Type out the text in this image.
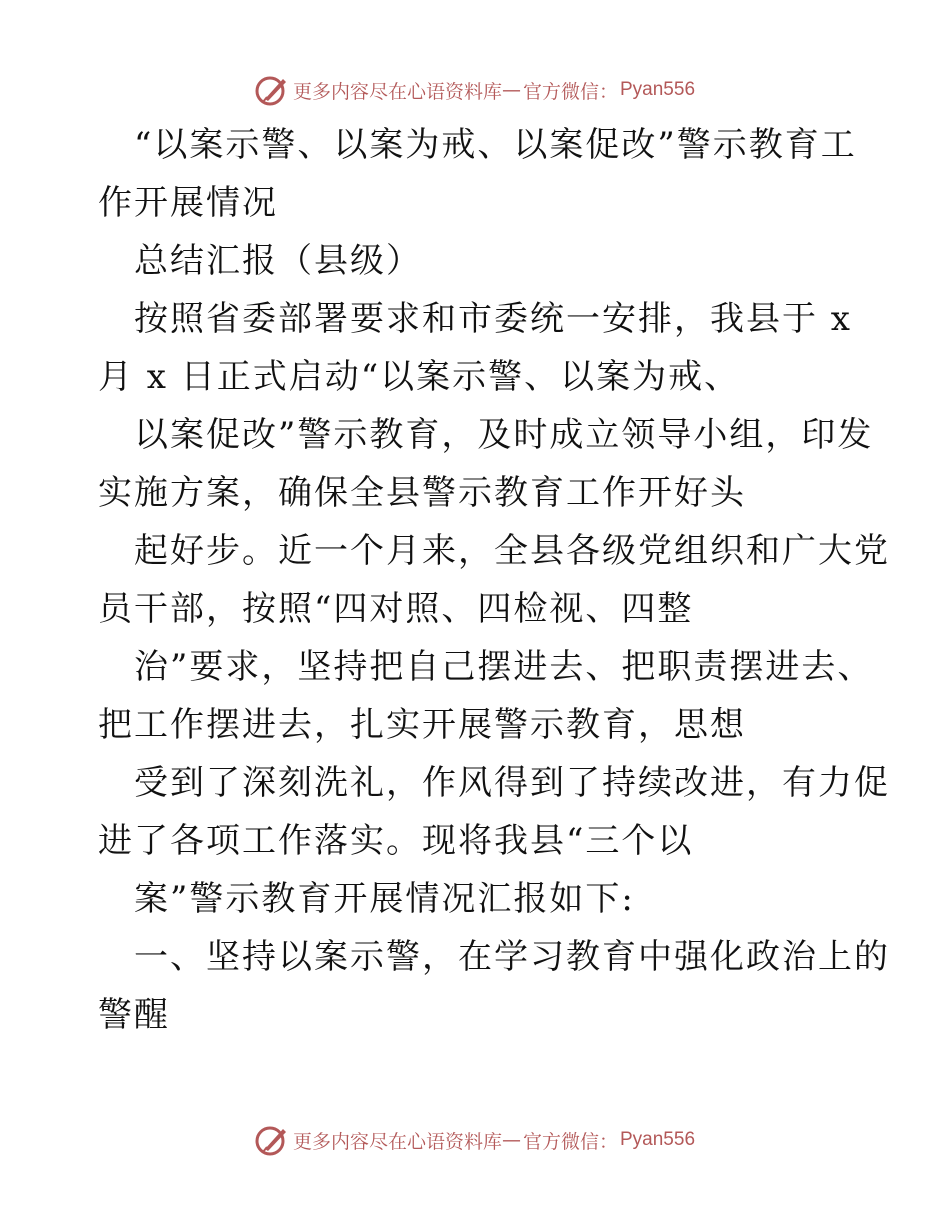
更多内容尽在心语资料库 — 官方微信： Pyan556
“以案示警、以案为戒、以案促改”警示教育工
作开展情况
总结汇报（县级）
按照省委部署要求和市委统一安排，我县于 x
月 x 日正式启动“以案示警、以案为戒、
以案促改”警示教育，及时成立领导小组，印发
实施方案，确保全县警示教育工作开好头
起好步。近一个月来，全县各级党组织和广大党
员干部，按照“四对照、四检视、四整
治”要求，坚持把自己摆进去、把职责摆进去、
把工作摆进去，扎实开展警示教育，思想
受到了深刻洗礼，作风得到了持续改进，有力促
进了各项工作落实。现将我县“三个以
案”警示教育开展情况汇报如下:
一、坚持以案示警，在学习教育中强化政治上的
警醒
更多内容尽在心语资料库 — 官方微信： Pyan556
